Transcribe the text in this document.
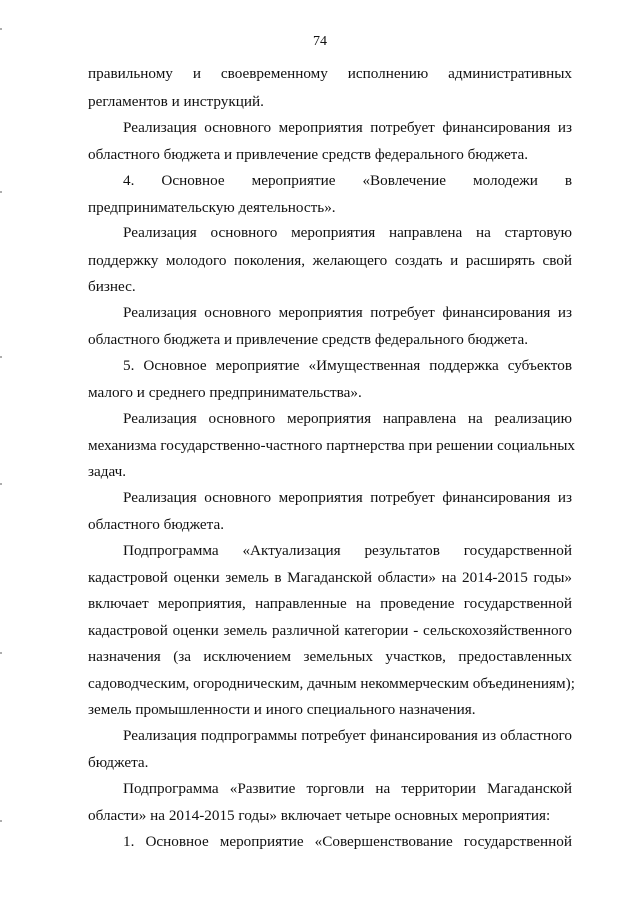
74
правильному и своевременному исполнению административных
регламентов и инструкций.
Реализация основного мероприятия потребует финансирования из
областного бюджета и привлечение средств федерального бюджета.
4. Основное мероприятие «Вовлечение молодежи в
предпринимательскую деятельность».
Реализация основного мероприятия направлена на стартовую
поддержку молодого поколения, желающего создать и расширять свой
бизнес.
Реализация основного мероприятия потребует финансирования из
областного бюджета и привлечение средств федерального бюджета.
5. Основное мероприятие «Имущественная поддержка субъектов
малого и среднего предпринимательства».
Реализация основного мероприятия направлена на реализацию
механизма государственно-частного партнерства при решении социальных
задач.
Реализация основного мероприятия потребует финансирования из
областного бюджета.
Подпрограмма «Актуализация результатов государственной
кадастровой оценки земель в Магаданской области» на 2014-2015 годы»
включает мероприятия, направленные на проведение государственной
кадастровой оценки земель различной категории - сельскохозяйственного
назначения (за исключением земельных участков, предоставленных
садоводческим, огородническим, дачным некоммерческим объединениям);
земель промышленности и иного специального назначения.
Реализация подпрограммы потребует финансирования из областного
бюджета.
Подпрограмма «Развитие торговли на территории Магаданской
области» на 2014-2015 годы» включает четыре основных мероприятия:
1. Основное мероприятие «Совершенствование государственной
